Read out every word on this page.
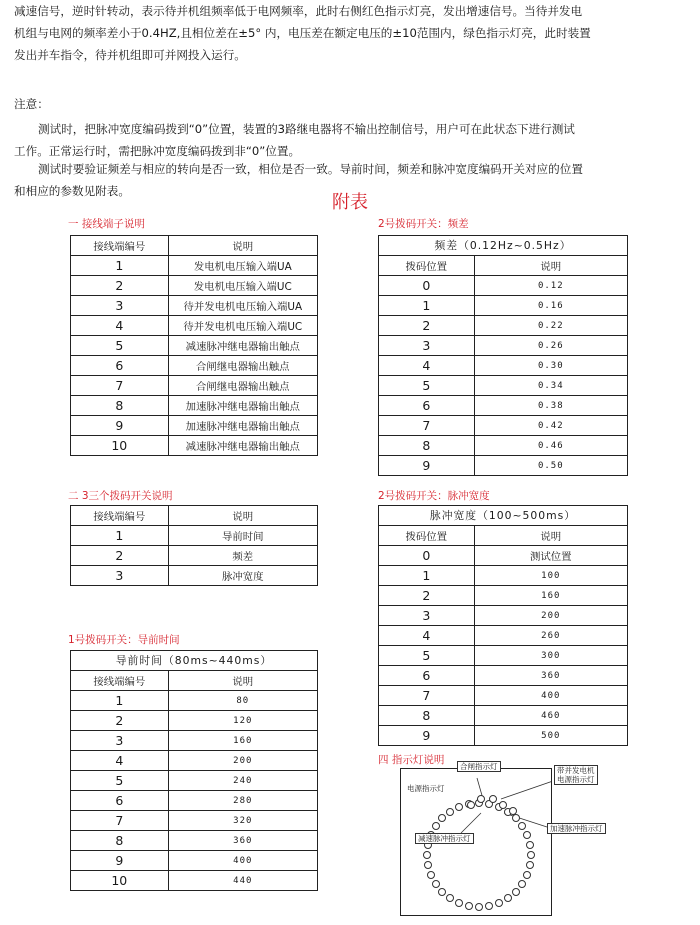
减速信号，逆时针转动，表示待并机组频率低于电网频率，此时右侧红色指示灯亮，发出增速信号。当待并发电
机组与电网的频率差小于0.4HZ,且相位差在±5° 内，电压差在额定电压的±10范围内，绿色指示灯亮，此时装置
发出并车指令，待并机组即可并网投入运行。
注意：
测试时，把脉冲宽度编码拨到“0”位置，装置的3路继电器将不输出控制信号，用户可在此状态下进行测试
工作。正常运行时，需把脉冲宽度编码拨到非“0”位置。
测试时要验证频差与相应的转向是否一致，相位是否一致。导前时间，频差和脉冲宽度编码开关对应的位置
和相应的参数见附表。
附表
一 接线端子说明
接线端编号	说明
1	发电机电压输入端UA
2	发电机电压输入端UC
3	待并发电机电压输入端UA
4	待并发电机电压输入端UC
5	减速脉冲继电器输出触点
6	合闸继电器输出触点
7	合闸继电器输出触点
8	加速脉冲继电器输出触点
9	加速脉冲继电器输出触点
10	减速脉冲继电器输出触点
二 3三个拨码开关说明
接线端编号	说明
1	导前时间
2	频差
3	脉冲宽度
1号拨码开关：导前时间
导前时间（80ms~440ms）	
接线端编号	说明
1	80
2	120
3	160
4	200
5	240
6	280
7	320
8	360
9	400
10	440
2号拨码开关：频差
频差（0.12Hz~0.5Hz）	
拨码位置	说明
0	0.12
1	0.16
2	0.22
3	0.26
4	0.30
5	0.34
6	0.38
7	0.42
8	0.46
9	0.50
2号拨码开关：脉冲宽度
脉冲宽度（100~500ms）	
拨码位置	说明
0	测试位置
1	100
2	160
3	200
4	260
5	300
6	360
7	400
8	460
9	500
四 指示灯说明
电源指示灯
合闸指示灯	带并发电机
电源指示灯
减速脉冲指示灯
加速脉冲指示灯
